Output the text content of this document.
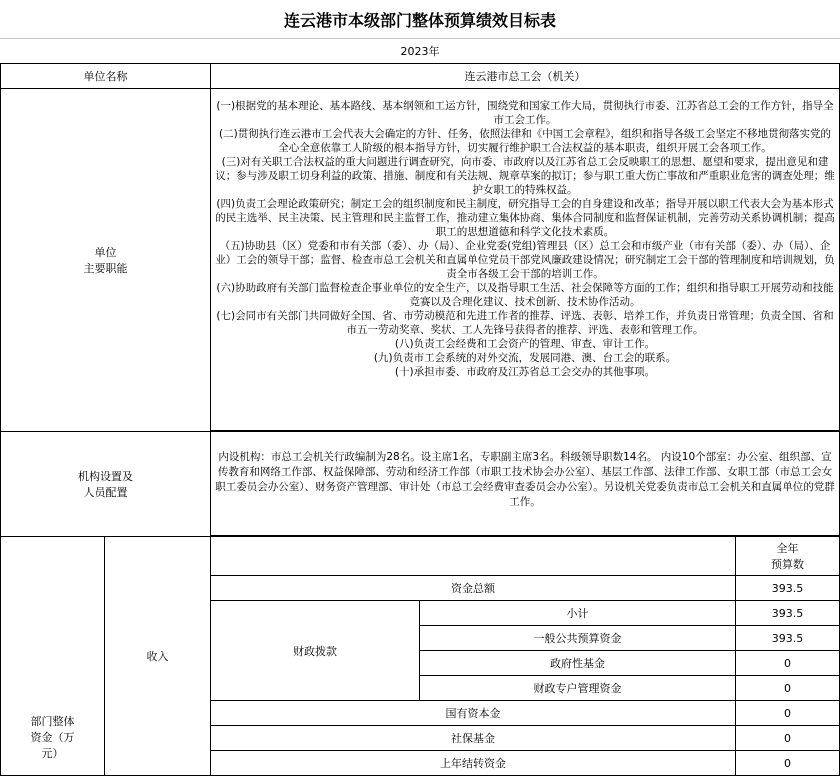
连云港市本级部门整体预算绩效目标表
2023年
单位名称	连云港市总工会（机关）
单位
主要职能

(一)根据党的基本理论、基本路线、基本纲领和工运方针，围绕党和国家工作大局，贯彻执行市委、江苏省总工会的工作方针，指导全市工会工作。

(二)贯彻执行连云港市工会代表大会确定的方针、任务，依照法律和《中国工会章程》，组织和指导各级工会坚定不移地贯彻落实党的全心全意依靠工人阶级的根本指导方针，切实履行维护职工合法权益的基本职责，组织开展工会各项工作。

(三)对有关职工合法权益的重大问题进行调查研究，向市委、市政府以及江苏省总工会反映职工的思想、愿望和要求，提出意见和建议；参与涉及职工切身利益的政策、措施、制度和有关法规、规章草案的拟订；参与职工重大伤亡事故和严重职业危害的调查处理；维护女职工的特殊权益。

(四)负责工会理论政策研究；制定工会的组织制度和民主制度，研究指导工会的自身建设和改革；指导开展以职工代表大会为基本形式的民主选举、民主决策、民主管理和民主监督工作，推动建立集体协商、集体合同制度和监督保证机制，完善劳动关系协调机制；提高职工的思想道德和科学文化技术素质。

（五)协助县（区）党委和市有关部（委）、办（局）、企业党委(党组)管理县（区）总工会和市级产业（市有关部（委）、办（局）、企业）工会的领导干部；监督、检查市总工会机关和直属单位党员干部党风廉政建设情况；研究制定工会干部的管理制度和培训规划，负责全市各级工会干部的培训工作。

(六)协助政府有关部门监督检查企事业单位的安全生产，以及指导职工生活、社会保障等方面的工作；组织和指导职工开展劳动和技能竞赛以及合理化建议、技术创新、技术协作活动。

(七)会同市有关部门共同做好全国、省、市劳动模范和先进工作者的推荐、评选、表彰、培养工作，并负责日常管理；负责全国、省和市五一劳动奖章、奖状、工人先锋号获得者的推荐、评选、表彰和管理工作。

(八)负责工会经费和工会资产的管理、审查、审计工作。

(九)负责市工会系统的对外交流，发展同港、澳、台工会的联系。

(十)承担市委、市政府及江苏省总工会交办的其他事项。

机构设置及
人员配置
内设机构：市总工会机关行政编制为28名。设主席1名，专职副主席3名。科级领导职数14名。 内设10个部室：办公室、组织部、宣传教育和网络工作部、权益保障部、劳动和经济工作部（市职工技术协会办公室）、基层工作部、法律工作部、女职工部（市总工会女职工委员会办公室）、财务资产管理部、审计处（市总工会经费审查委员会办公室）。另设机关党委负责市总工会机关和直属单位的党群工作。
部门整体
资金（万
元）
收入
全年
预算数
资金总额	393.5
财政拨款
小计	393.5
一般公共预算资金	393.5
政府性基金	0
财政专户管理资金	0
国有资本金	0
社保基金	0
上年结转资金	0
